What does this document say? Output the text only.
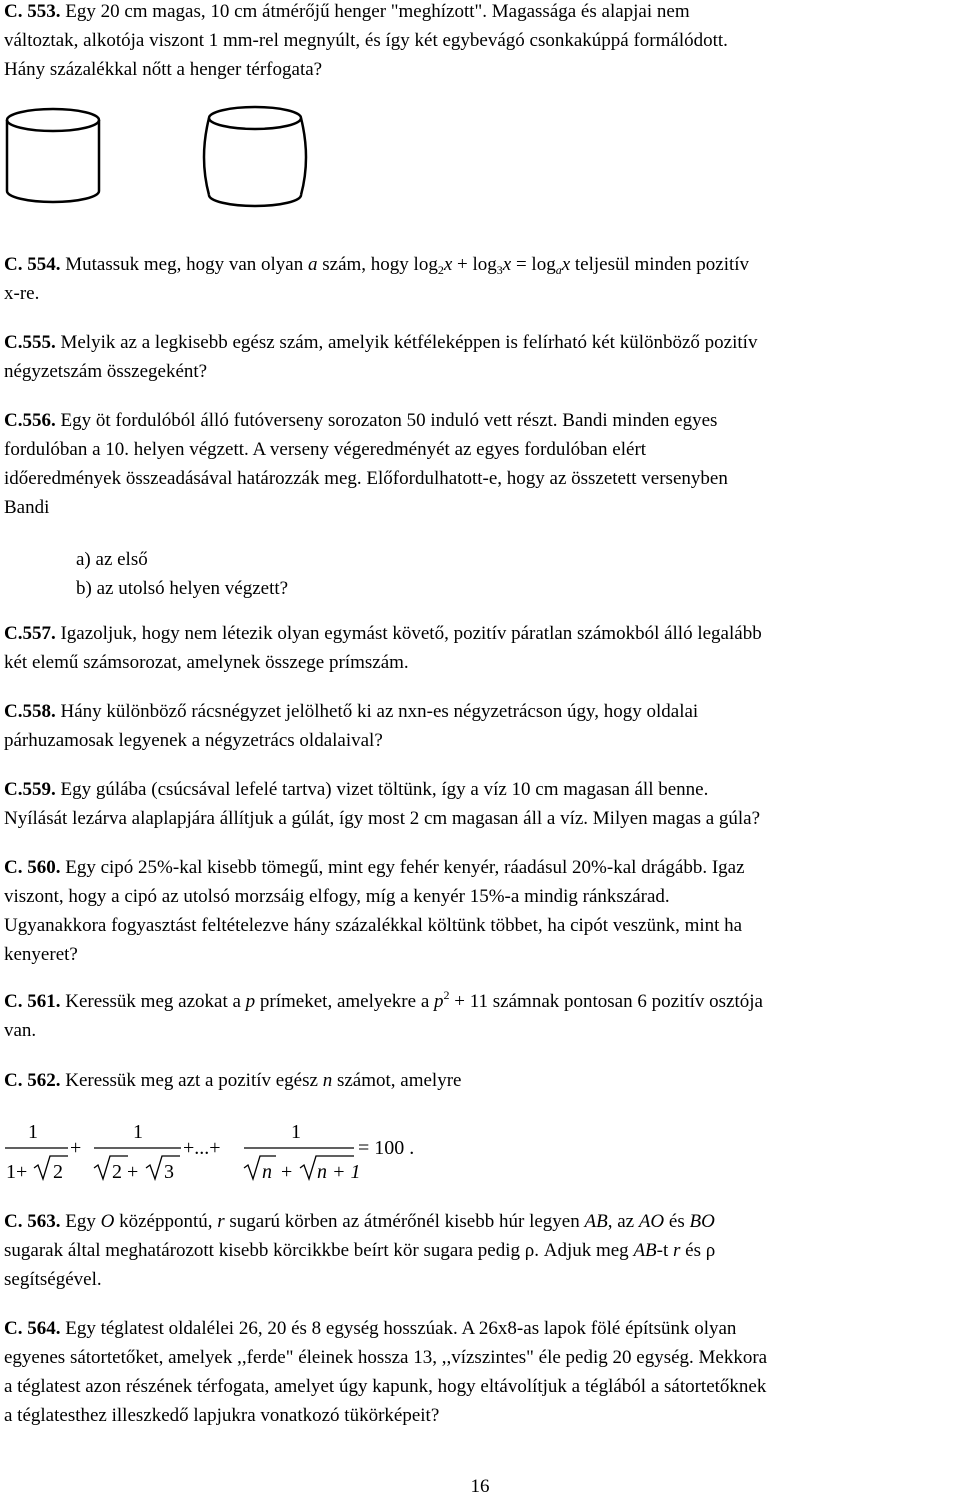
C. 553. Egy 20 cm magas, 10 cm átmérőjű henger "meghízott". Magassága és alapjai nem

változtak, alkotója viszont 1 mm-rel megnyúlt, és így két egybevágó csonkakúppá formálódott.

Hány százalékkal nőtt a henger térfogata?

C. 554. Mutassuk meg, hogy van olyan a szám, hogy $\log_2x + \log_3x = \log_ax$ teljesül minden pozitív

x-re.

C.555. Melyik az a legkisebb egész szám, amelyik kétféleképpen is felírható két különböző pozitív

négyzetszám összegeként?

C.556. Egy öt fordulóból álló futóverseny sorozaton 50 induló vett részt. Bandi minden egyes

fordulóban a 10. helyen végzett. A verseny végeredményét az egyes fordulóban elért

időeredmények összeadásával határozzák meg. Előfordulhatott-e, hogy az összetett versenyben

Bandi

a) az első

b) az utolsó helyen végzett?

C.557. Igazoljuk, hogy nem létezik olyan egymást követő, pozitív páratlan számokból álló legalább

két elemű számsorozat, amelynek összege prímszám.

C.558. Hány különböző rácsnégyzet jelölhető ki az nxn-es négyzetrácson úgy, hogy oldalai

párhuzamosak legyenek a négyzetrács oldalaival?

C.559. Egy gúlába (csúcsával lefelé tartva) vizet töltünk, így a víz 10 cm magasan áll benne.

Nyílását lezárva alaplapjára állítjuk a gúlát, így most 2 cm magasan áll a víz. Milyen magas a gúla?

C. 560. Egy cipó 25%-kal kisebb tömegű, mint egy fehér kenyér, ráadásul 20%-kal drágább. Igaz

viszont, hogy a cipó az utolsó morzsáig elfogy, míg a kenyér 15%-a mindig ránkszárad.

Ugyanakkora fogyasztást feltételezve hány százalékkal költünk többet, ha cipót veszünk, mint ha

kenyeret?

C. 561. Keressük meg azokat a p prímeket, amelyekre a $p^2 + 11$ számnak pontosan 6 pozitív osztója

van.

C. 562. Keressük meg azt a pozitív egész n számot, amelyre

1
1+ 2
+
1
2 + 3
+...+
1
n + n + 1
= 100 .

C. 563. Egy O középpontú, r sugarú körben az átmérőnél kisebb húr legyen AB, az AO és BO

sugarak által meghatározott kisebb körcikkbe beírt kör sugara pedig ρ. Adjuk meg AB-t r és ρ

segítségével.

C. 564. Egy téglatest oldalélei 26, 20 és 8 egység hosszúak. A 26x8-as lapok fölé építsünk olyan

egyenes sátortetőket, amelyek ,,ferde" éleinek hossza 13, ,,vízszintes" éle pedig 20 egység. Mekkora

a téglatest azon részének térfogata, amelyet úgy kapunk, hogy eltávolítjuk a téglából a sátortetőknek

a téglatesthez illeszkedő lapjukra vonatkozó tükörképeit?

16
